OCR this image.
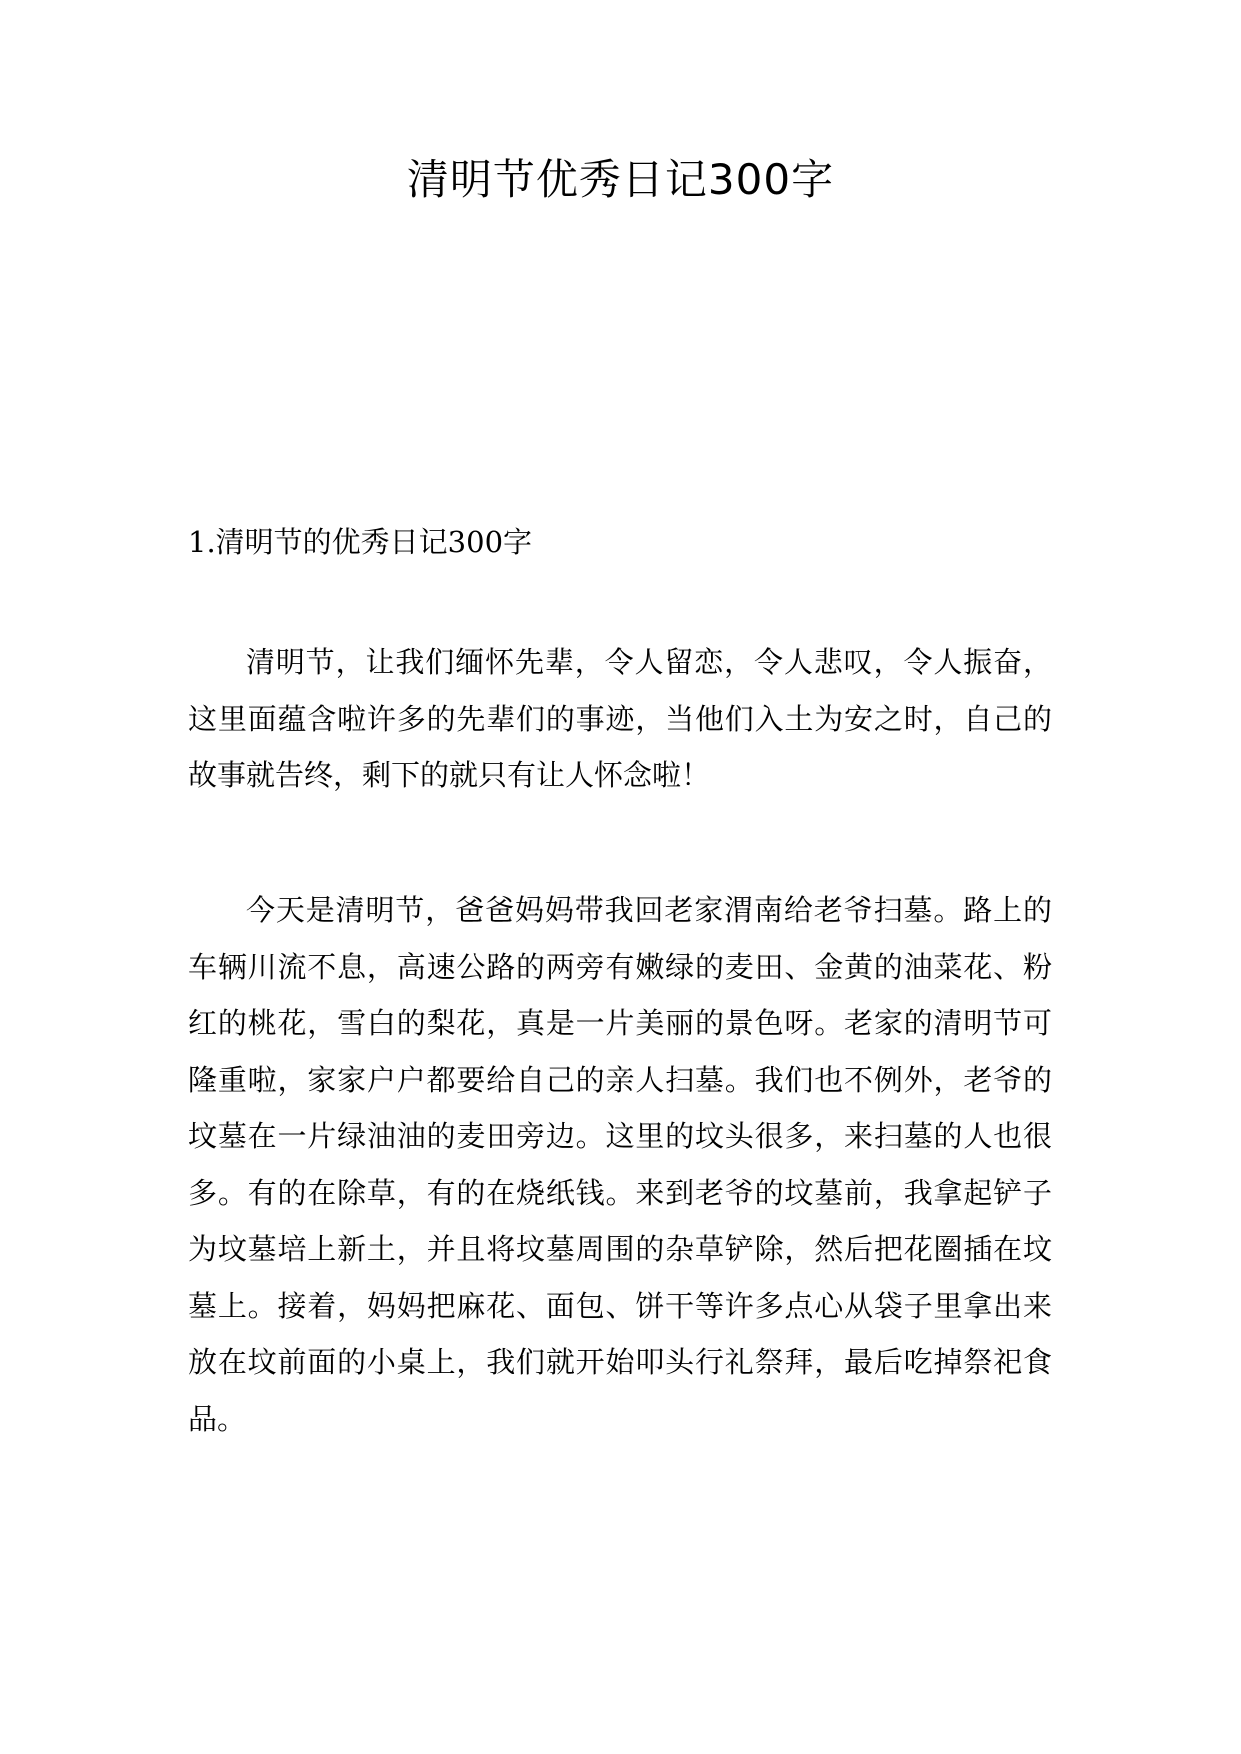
清明节优秀日记300字
1.清明节的优秀日记300字

清明节，让我们缅怀先辈，令人留恋，令人悲叹，令人振奋，这里面蕴含啦许多的先辈们的事迹，当他们入土为安之时，自己的故事就告终，剩下的就只有让人怀念啦！

今天是清明节，爸爸妈妈带我回老家渭南给老爷扫墓。路上的车辆川流不息，高速公路的两旁有嫩绿的麦田、金黄的油菜花、粉红的桃花，雪白的梨花，真是一片美丽的景色呀。老家的清明节可隆重啦，家家户户都要给自己的亲人扫墓。我们也不例外，老爷的坟墓在一片绿油油的麦田旁边。这里的坟头很多，来扫墓的人也很多。有的在除草，有的在烧纸钱。来到老爷的坟墓前，我拿起铲子为坟墓培上新土，并且将坟墓周围的杂草铲除，然后把花圈插在坟墓上。接着，妈妈把麻花、面包、饼干等许多点心从袋子里拿出来放在坟前面的小桌上，我们就开始叩头行礼祭拜，最后吃掉祭祀食品。
